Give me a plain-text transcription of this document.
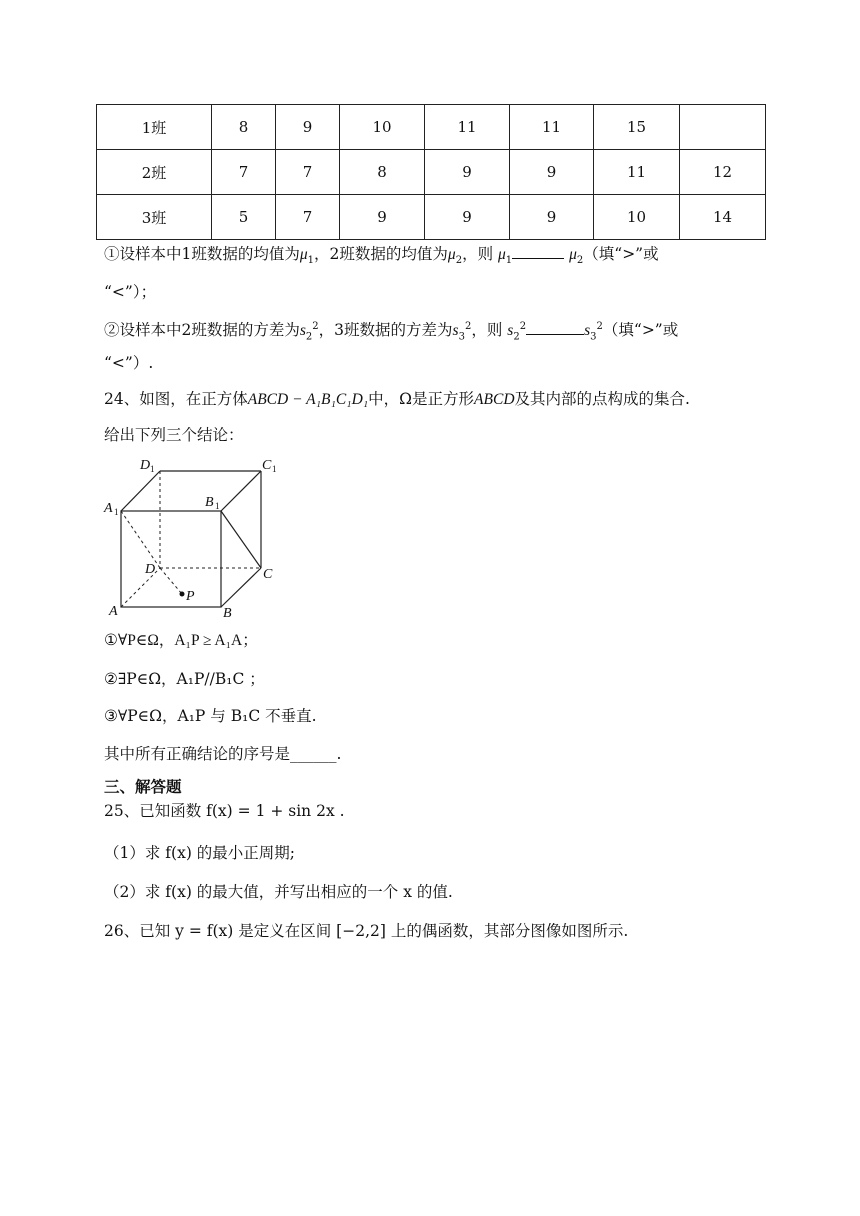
1班	8	9	10	11	11	15	
2班	7	7	8	9	9	11	12
3班	5	7	9	9	9	10	14
①设样本中1班数据的均值为$\mu_1$，2班数据的均值为$\mu_2$，则 $\mu_1$	$\mu_2$（填“>”或
“<”）；
②设样本中2班数据的方差为$s_2^2$，3班数据的方差为$s_3^2$，则 $s_2^2$	$s_3^2$（填“>”或
“<”）.
24、如图，在正方体ABCD − A₁B₁C₁D₁中，Ω是正方形ABCD及其内部的点构成的集合.
给出下列三个结论：
D 1	C 1
A 1
B 1
D	C
A	B
P
①∀P∈Ω，A₁P ≥ A₁A；
②∃P∈Ω，A₁P//B₁C ；
③∀P∈Ω，A₁P 与 B₁C 不垂直.
其中所有正确结论的序号是______.
三、解答题
25、已知函数 f(x) = 1 + sin 2x .
（1）求 f(x) 的最小正周期;
（2）求 f(x) 的最大值，并写出相应的一个 x 的值.
26、已知 y = f(x) 是定义在区间 [−2,2] 上的偶函数，其部分图像如图所示.
